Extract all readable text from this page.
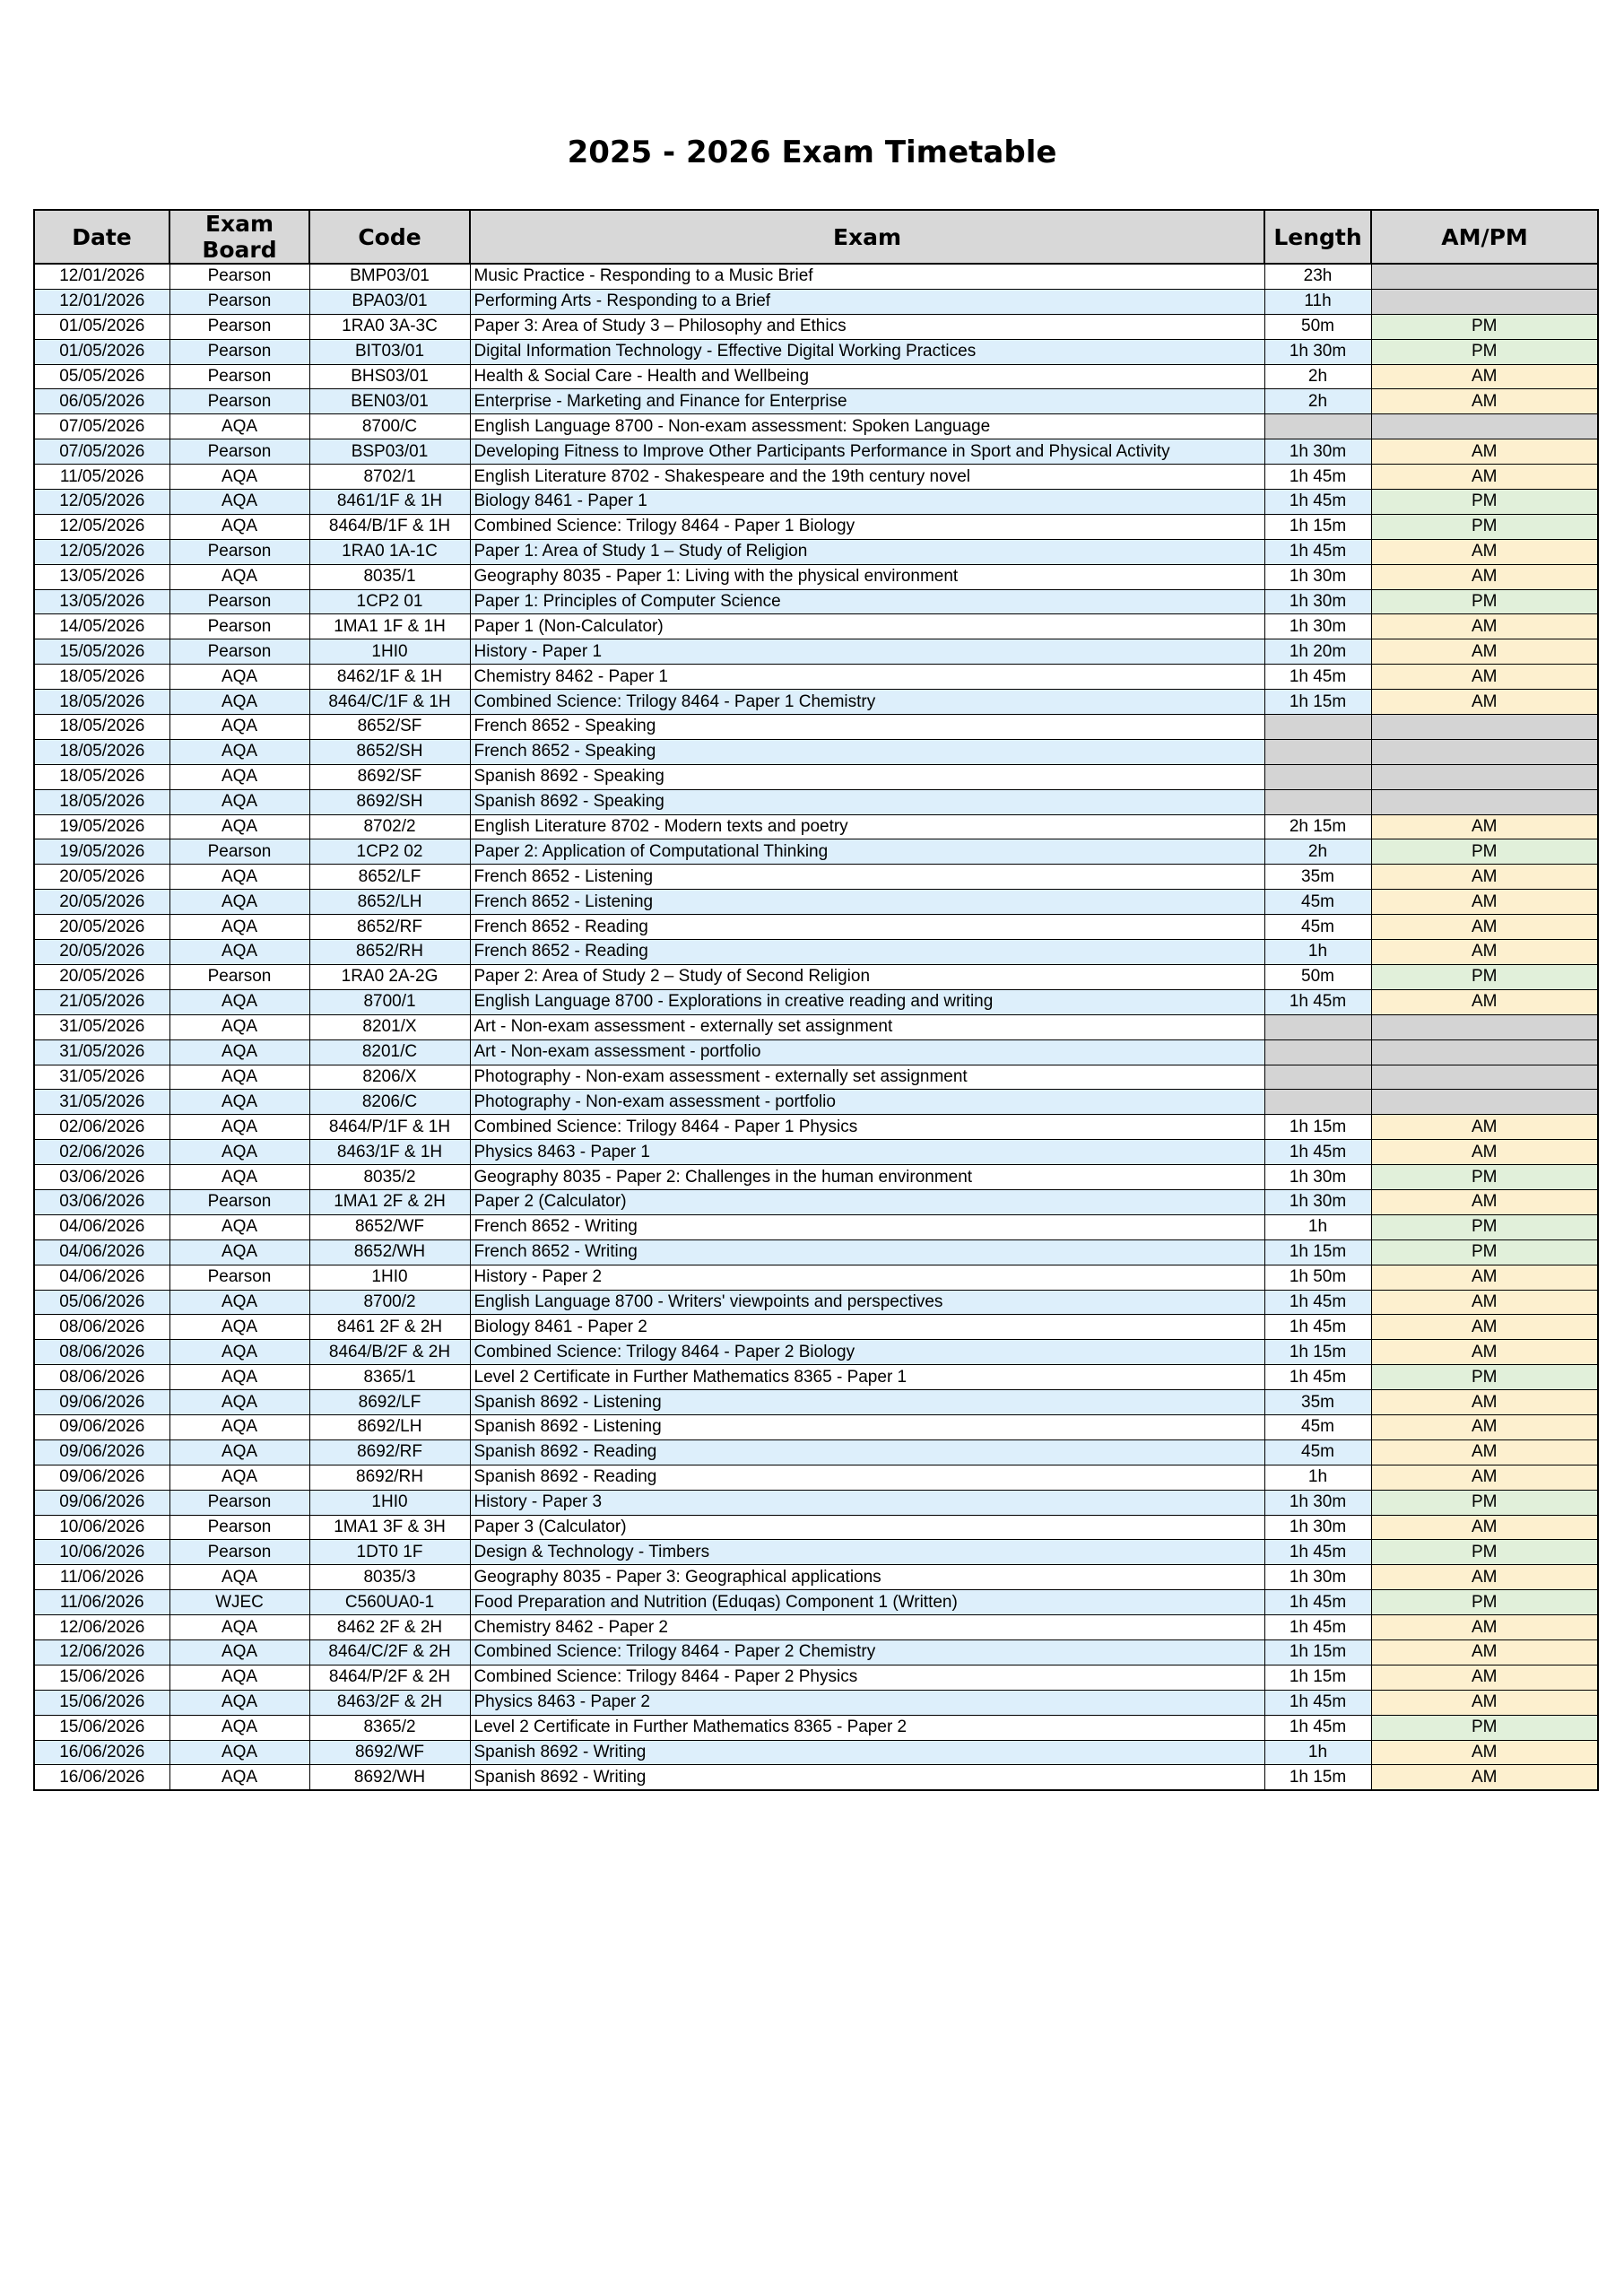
2025 - 2026 Exam Timetable
Date	Exam Board	Code	Exam	Length	AM/PM
12/01/2026	Pearson	BMP03/01	Music Practice - Responding to a Music Brief	23h	
12/01/2026	Pearson	BPA03/01	Performing Arts - Responding to a Brief	11h	
01/05/2026	Pearson	1RA0 3A-3C	Paper 3: Area of Study 3 – Philosophy and Ethics	50m	PM
01/05/2026	Pearson	BIT03/01	Digital Information Technology - Effective Digital Working Practices	1h 30m	PM
05/05/2026	Pearson	BHS03/01	Health & Social Care - Health and Wellbeing	2h	AM
06/05/2026	Pearson	BEN03/01	Enterprise - Marketing and Finance for Enterprise	2h	AM
07/05/2026	AQA	8700/C	English Language 8700 - Non-exam assessment: Spoken Language		
07/05/2026	Pearson	BSP03/01	Developing Fitness to Improve Other Participants Performance in Sport and Physical Activity	1h 30m	AM
11/05/2026	AQA	8702/1	English Literature 8702 - Shakespeare and the 19th century novel	1h 45m	AM
12/05/2026	AQA	8461/1F & 1H	Biology 8461 - Paper 1	1h 45m	PM
12/05/2026	AQA	8464/B/1F & 1H	Combined Science: Trilogy 8464 - Paper 1 Biology	1h 15m	PM
12/05/2026	Pearson	1RA0 1A-1C	Paper 1: Area of Study 1 – Study of Religion	1h 45m	AM
13/05/2026	AQA	8035/1	Geography 8035 - Paper 1: Living with the physical environment	1h 30m	AM
13/05/2026	Pearson	1CP2 01	Paper 1: Principles of Computer Science	1h 30m	PM
14/05/2026	Pearson	1MA1 1F & 1H	Paper 1 (Non-Calculator)	1h 30m	AM
15/05/2026	Pearson	1HI0	History - Paper 1	1h 20m	AM
18/05/2026	AQA	8462/1F & 1H	Chemistry 8462 - Paper 1	1h 45m	AM
18/05/2026	AQA	8464/C/1F & 1H	Combined Science: Trilogy 8464 - Paper 1 Chemistry	1h 15m	AM
18/05/2026	AQA	8652/SF	French 8652 - Speaking		
18/05/2026	AQA	8652/SH	French 8652 - Speaking		
18/05/2026	AQA	8692/SF	Spanish 8692 - Speaking		
18/05/2026	AQA	8692/SH	Spanish 8692 - Speaking		
19/05/2026	AQA	8702/2	English Literature 8702 - Modern texts and poetry	2h 15m	AM
19/05/2026	Pearson	1CP2 02	Paper 2: Application of Computational Thinking	2h	PM
20/05/2026	AQA	8652/LF	French 8652 - Listening	35m	AM
20/05/2026	AQA	8652/LH	French 8652 - Listening	45m	AM
20/05/2026	AQA	8652/RF	French 8652 - Reading	45m	AM
20/05/2026	AQA	8652/RH	French 8652 - Reading	1h	AM
20/05/2026	Pearson	1RA0 2A-2G	Paper 2: Area of Study 2 – Study of Second Religion	50m	PM
21/05/2026	AQA	8700/1	English Language 8700 - Explorations in creative reading and writing	1h 45m	AM
31/05/2026	AQA	8201/X	Art - Non-exam assessment - externally set assignment		
31/05/2026	AQA	8201/C	Art - Non-exam assessment - portfolio		
31/05/2026	AQA	8206/X	Photography - Non-exam assessment - externally set assignment		
31/05/2026	AQA	8206/C	Photography - Non-exam assessment - portfolio		
02/06/2026	AQA	8464/P/1F & 1H	Combined Science: Trilogy 8464 - Paper 1 Physics	1h 15m	AM
02/06/2026	AQA	8463/1F & 1H	Physics 8463 - Paper 1	1h 45m	AM
03/06/2026	AQA	8035/2	Geography 8035 - Paper 2: Challenges in the human environment	1h 30m	PM
03/06/2026	Pearson	1MA1 2F & 2H	Paper 2 (Calculator)	1h 30m	AM
04/06/2026	AQA	8652/WF	French 8652 - Writing	1h	PM
04/06/2026	AQA	8652/WH	French 8652 - Writing	1h 15m	PM
04/06/2026	Pearson	1HI0	History - Paper 2	1h 50m	AM
05/06/2026	AQA	8700/2	English Language 8700 - Writers' viewpoints and perspectives	1h 45m	AM
08/06/2026	AQA	8461 2F & 2H	Biology 8461 - Paper 2	1h 45m	AM
08/06/2026	AQA	8464/B/2F & 2H	Combined Science: Trilogy 8464 - Paper 2 Biology	1h 15m	AM
08/06/2026	AQA	8365/1	Level 2 Certificate in Further Mathematics 8365 - Paper 1	1h 45m	PM
09/06/2026	AQA	8692/LF	Spanish 8692 - Listening	35m	AM
09/06/2026	AQA	8692/LH	Spanish 8692 - Listening	45m	AM
09/06/2026	AQA	8692/RF	Spanish 8692 - Reading	45m	AM
09/06/2026	AQA	8692/RH	Spanish 8692 - Reading	1h	AM
09/06/2026	Pearson	1HI0	History - Paper 3	1h 30m	PM
10/06/2026	Pearson	1MA1 3F & 3H	Paper 3 (Calculator)	1h 30m	AM
10/06/2026	Pearson	1DT0 1F	Design & Technology - Timbers	1h 45m	PM
11/06/2026	AQA	8035/3	Geography 8035 - Paper 3: Geographical applications	1h 30m	AM
11/06/2026	WJEC	C560UA0-1	Food Preparation and Nutrition (Eduqas) Component 1 (Written)	1h 45m	PM
12/06/2026	AQA	8462 2F & 2H	Chemistry 8462 - Paper 2	1h 45m	AM
12/06/2026	AQA	8464/C/2F & 2H	Combined Science: Trilogy 8464 - Paper 2 Chemistry	1h 15m	AM
15/06/2026	AQA	8464/P/2F & 2H	Combined Science: Trilogy 8464 - Paper 2 Physics	1h 15m	AM
15/06/2026	AQA	8463/2F & 2H	Physics 8463 - Paper 2	1h 45m	AM
15/06/2026	AQA	8365/2	Level 2 Certificate in Further Mathematics 8365 - Paper 2	1h 45m	PM
16/06/2026	AQA	8692/WF	Spanish 8692 - Writing	1h	AM
16/06/2026	AQA	8692/WH	Spanish 8692 - Writing	1h 15m	AM
